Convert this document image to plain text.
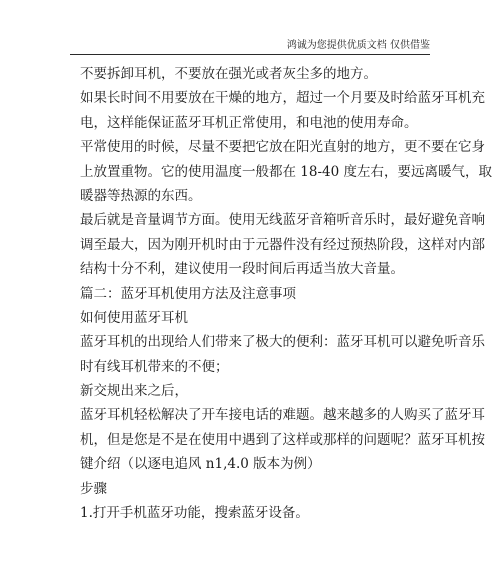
鸿诚为您提供优质文档 仅供借鉴
不要拆卸耳机，不要放在强光或者灰尘多的地方。
如果长时间不用要放在干燥的地方，超过一个月要及时给蓝牙耳机充
电，这样能保证蓝牙耳机正常使用，和电池的使用寿命。
平常使用的时候，尽量不要把它放在阳光直射的地方，更不要在它身
上放置重物。它的使用温度一般都在 18-40 度左右，要远离暖气，取
暖器等热源的东西。
最后就是音量调节方面。使用无线蓝牙音箱听音乐时，最好避免音响
调至最大，因为刚开机时由于元器件没有经过预热阶段，这样对内部
结构十分不利，建议使用一段时间后再适当放大音量。
篇二：蓝牙耳机使用方法及注意事项
如何使用蓝牙耳机
蓝牙耳机的出现给人们带来了极大的便利：蓝牙耳机可以避免听音乐
时有线耳机带来的不便；
新交规出来之后，
蓝牙耳机轻松解决了开车接电话的难题。越来越多的人购买了蓝牙耳
机，但是您是不是在使用中遇到了这样或那样的问题呢？蓝牙耳机按
键介绍（以逐电追风 n1,4.0 版本为例）
步骤
1.打开手机蓝牙功能，搜索蓝牙设备。
